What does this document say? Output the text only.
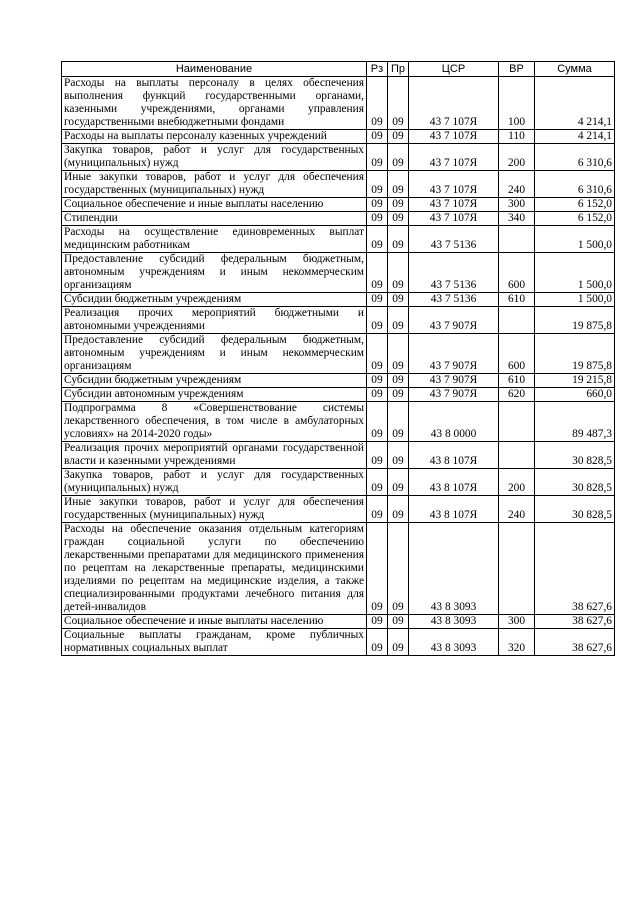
Наименование	Рз	Пр	ЦСР	ВР	Сумма
Расходы на выплаты персоналу в целях обеспечения выполнения функций государственными органами, казенными учреждениями, органами управления государственными внебюджетными фондами	09	09	43 7 107Я	100	4 214,1
Расходы на выплаты персоналу казенных учреждений	09	09	43 7 107Я	110	4 214,1
Закупка товаров, работ и услуг для государственных (муниципальных) нужд	09	09	43 7 107Я	200	6 310,6
Иные закупки товаров, работ и услуг для обеспечения государственных (муниципальных) нужд	09	09	43 7 107Я	240	6 310,6
Социальное обеспечение и иные выплаты населению	09	09	43 7 107Я	300	6 152,0
Стипендии	09	09	43 7 107Я	340	6 152,0
Расходы на осуществление единовременных выплат медицинским работникам	09	09	43 7 5136		1 500,0
Предоставление субсидий федеральным бюджетным, автономным учреждениям и иным некоммерческим организациям	09	09	43 7 5136	600	1 500,0
Субсидии бюджетным учреждениям	09	09	43 7 5136	610	1 500,0
Реализация прочих мероприятий бюджетными и автономными учреждениями	09	09	43 7 907Я		19 875,8
Предоставление субсидий федеральным бюджетным, автономным учреждениям и иным некоммерческим организациям	09	09	43 7 907Я	600	19 875,8
Субсидии бюджетным учреждениям	09	09	43 7 907Я	610	19 215,8
Субсидии автономным учреждениям	09	09	43 7 907Я	620	660,0
Подпрограмма 8 «Совершенствование системы лекарственного обеспечения, в том числе в амбулаторных условиях» на 2014-2020 годы»	09	09	43 8 0000		89 487,3
Реализация прочих мероприятий органами государственной власти и казенными учреждениями	09	09	43 8 107Я		30 828,5
Закупка товаров, работ и услуг для государственных (муниципальных) нужд	09	09	43 8 107Я	200	30 828,5
Иные закупки товаров, работ и услуг для обеспечения государственных (муниципальных) нужд	09	09	43 8 107Я	240	30 828,5
Расходы на обеспечение оказания отдельным категориям граждан социальной услуги по обеспечению лекарственными препаратами для медицинского применения по рецептам на лекарственные препараты, медицинскими изделиями по рецептам на медицинские изделия, а также специализированными продуктами лечебного питания для детей-инвалидов	09	09	43 8 3093		38 627,6
Социальное обеспечение и иные выплаты населению	09	09	43 8 3093	300	38 627,6
Социальные выплаты гражданам, кроме публичных нормативных социальных выплат	09	09	43 8 3093	320	38 627,6
